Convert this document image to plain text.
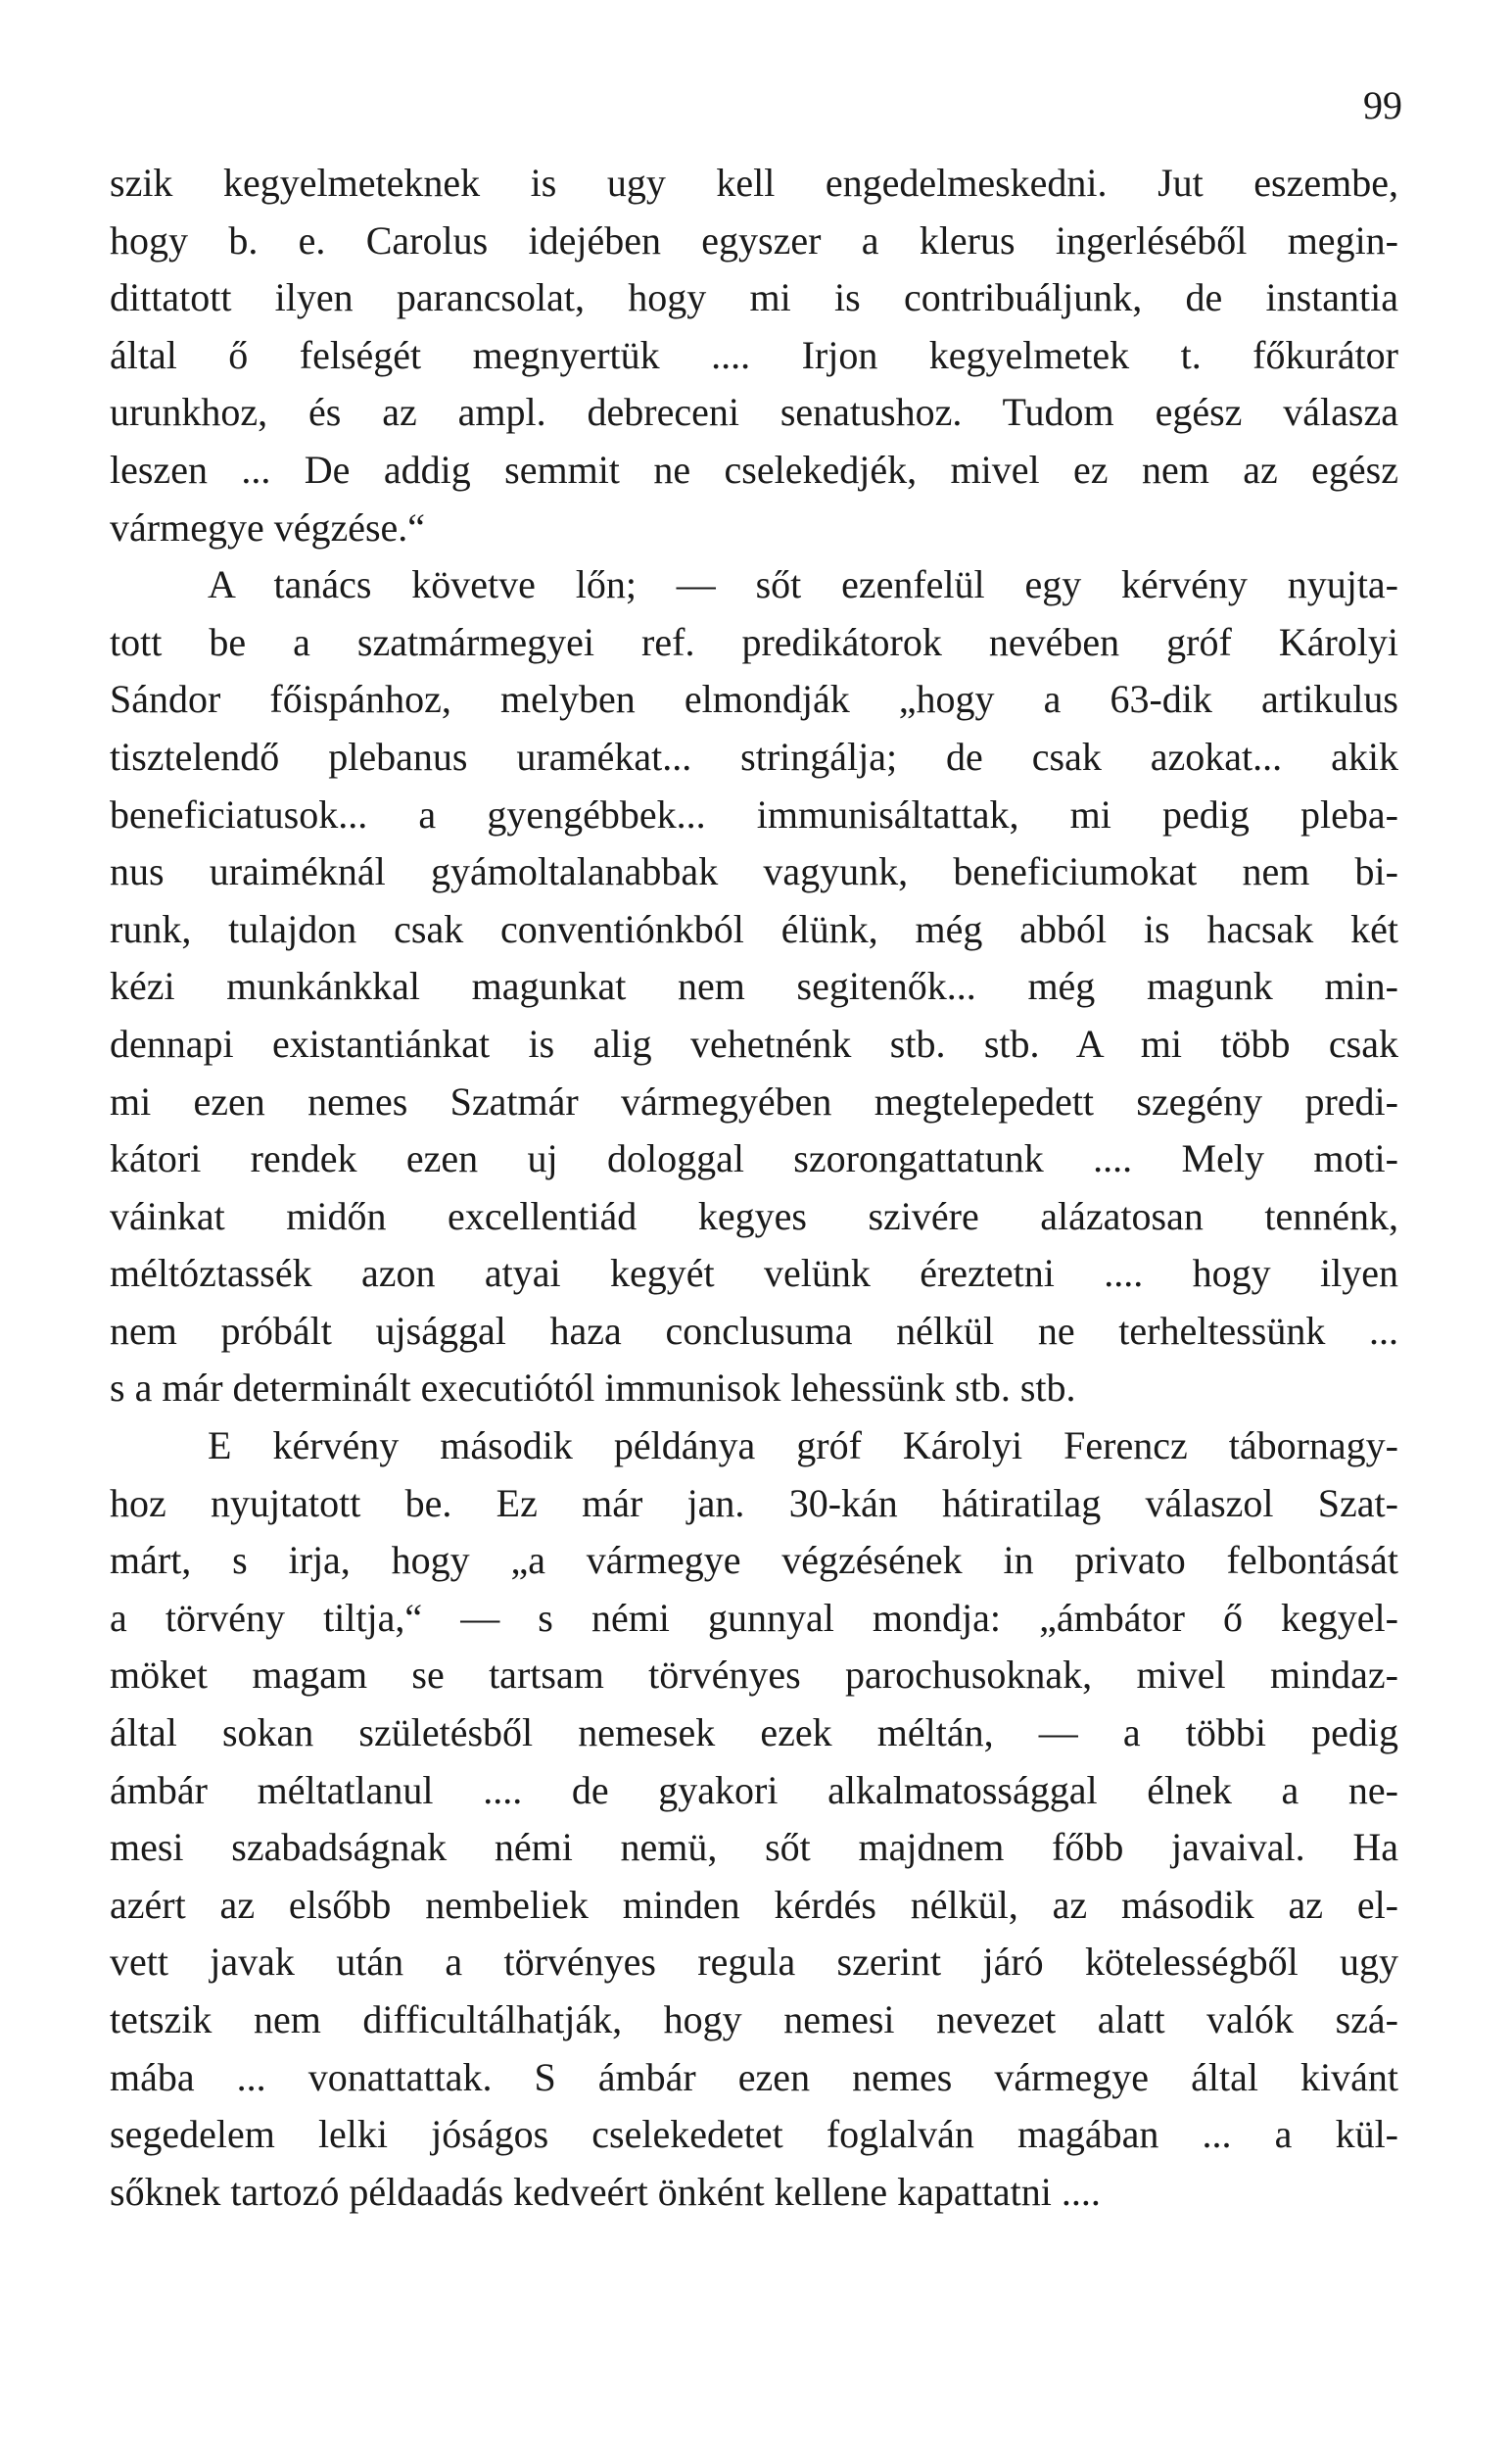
99
szik kegyelmeteknek is ugy kell engedelmeskedni. Jut eszembe,
hogy b. e. Carolus idejében egyszer a klerus ingerléséből megin-
dittatott ilyen parancsolat, hogy mi is contribuáljunk, de instantia
által ő felségét megnyertük .... Irjon kegyelmetek t. főkurátor
urunkhoz, és az ampl. debreceni senatushoz. Tudom egész válasza
leszen ... De addig semmit ne cselekedjék, mivel ez nem az egész
vármegye végzése.“
A tanács követve lőn; — sőt ezenfelül egy kérvény nyujta-
tott be a szatmármegyei ref. predikátorok nevében gróf Károlyi
Sándor főispánhoz, melyben elmondják „hogy a 63-dik artikulus
tisztelendő plebanus uramékat... stringálja; de csak azokat... akik
beneficiatusok... a gyengébbek... immunisáltattak, mi pedig pleba-
nus uraiméknál gyámoltalanabbak vagyunk, beneficiumokat nem bi-
runk, tulajdon csak conventiónkból élünk, még abból is hacsak két
kézi munkánkkal magunkat nem segitenők... még magunk min-
dennapi existantiánkat is alig vehetnénk stb. stb. A mi több csak
mi ezen nemes Szatmár vármegyében megtelepedett szegény predi-
kátori rendek ezen uj dologgal szorongattatunk .... Mely moti-
váinkat midőn excellentiád kegyes szivére alázatosan tennénk,
méltóztassék azon atyai kegyét velünk éreztetni .... hogy ilyen
nem próbált ujsággal haza conclusuma nélkül ne terheltessünk ...
s a már determinált executiótól immunisok lehessünk stb. stb.
E kérvény második példánya gróf Károlyi Ferencz tábornagy-
hoz nyujtatott be. Ez már jan. 30-kán hátiratilag válaszol Szat-
márt, s irja, hogy „a vármegye végzésének in privato felbontását
a törvény tiltja,“ — s némi gunnyal mondja: „ámbátor ő kegyel-
möket magam se tartsam törvényes parochusoknak, mivel mindaz-
által sokan születésből nemesek ezek méltán, — a többi pedig
ámbár méltatlanul .... de gyakori alkalmatossággal élnek a ne-
mesi szabadságnak némi nemü, sőt majdnem főbb javaival. Ha
azért az elsőbb nembeliek minden kérdés nélkül, az második az el-
vett javak után a törvényes regula szerint járó kötelességből ugy
tetszik nem difficultálhatják, hogy nemesi nevezet alatt valók szá-
mába ... vonattattak. S ámbár ezen nemes vármegye által kivánt
segedelem lelki jóságos cselekedetet foglalván magában ... a kül-
sőknek tartozó példaadás kedveért önként kellene kapattatni ....
